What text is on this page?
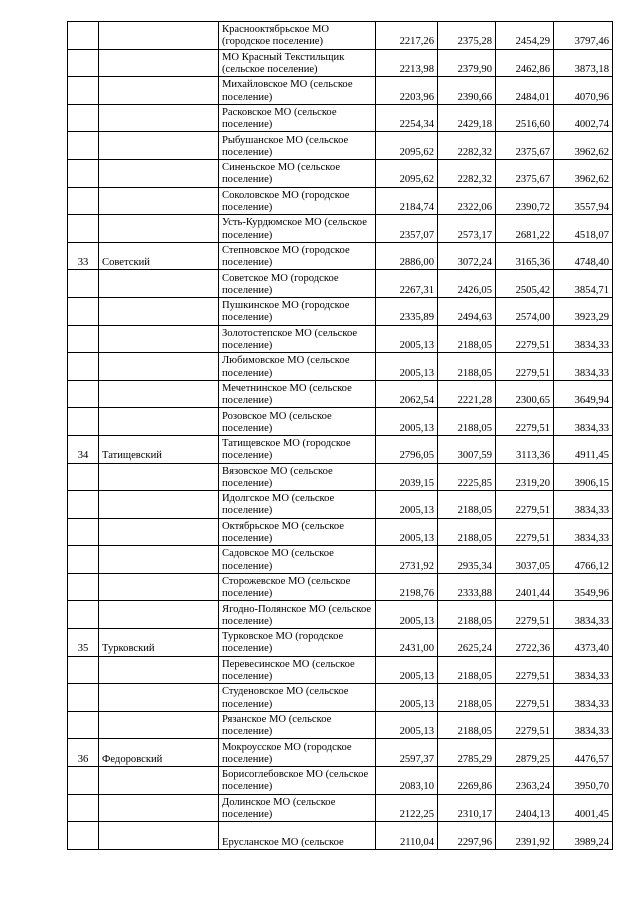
		Краснооктябрьское МО (городское поселение)	2217,26	2375,28	2454,29	3797,46
		МО Красный Текстильщик (сельское поселение)	2213,98	2379,90	2462,86	3873,18
		Михайловское МО (сельское поселение)	2203,96	2390,66	2484,01	4070,96
		Расковское МО (сельское поселение)	2254,34	2429,18	2516,60	4002,74
		Рыбушанское МО (сельское поселение)	2095,62	2282,32	2375,67	3962,62
		Синеньское МО (сельское поселение)	2095,62	2282,32	2375,67	3962,62
		Соколовское МО (городское поселение)	2184,74	2322,06	2390,72	3557,94
		Усть-Курдюмское МО (сельское поселение)	2357,07	2573,17	2681,22	4518,07
33	Советский	Степновское МО (городское поселение)	2886,00	3072,24	3165,36	4748,40
		Советское МО (городское поселение)	2267,31	2426,05	2505,42	3854,71
		Пушкинское МО (городское поселение)	2335,89	2494,63	2574,00	3923,29
		Золотостепское МО (сельское поселение)	2005,13	2188,05	2279,51	3834,33
		Любимовское МО (сельское поселение)	2005,13	2188,05	2279,51	3834,33
		Мечетнинское МО (сельское поселение)	2062,54	2221,28	2300,65	3649,94
		Розовское МО (сельское поселение)	2005,13	2188,05	2279,51	3834,33
34	Татищевский	Татищевское МО (городское поселение)	2796,05	3007,59	3113,36	4911,45
		Вязовское МО (сельское поселение)	2039,15	2225,85	2319,20	3906,15
		Идолгское МО (сельское поселение)	2005,13	2188,05	2279,51	3834,33
		Октябрьское МО (сельское поселение)	2005,13	2188,05	2279,51	3834,33
		Садовское МО (сельское поселение)	2731,92	2935,34	3037,05	4766,12
		Сторожевское МО (сельское поселение)	2198,76	2333,88	2401,44	3549,96
		Ягодно-Полянское МО (сельское поселение)	2005,13	2188,05	2279,51	3834,33
35	Турковский	Турковское МО (городское поселение)	2431,00	2625,24	2722,36	4373,40
		Перевесинское МО (сельское поселение)	2005,13	2188,05	2279,51	3834,33
		Студеновское МО (сельское поселение)	2005,13	2188,05	2279,51	3834,33
		Рязанское МО (сельское поселение)	2005,13	2188,05	2279,51	3834,33
36	Федоровский	Мокроусское МО (городское поселение)	2597,37	2785,29	2879,25	4476,57
		Борисоглебовское МО (сельское поселение)	2083,10	2269,86	2363,24	3950,70
		Долинское МО (сельское поселение)	2122,25	2310,17	2404,13	4001,45
		Ерусланское МО (сельское	2110,04	2297,96	2391,92	3989,24
